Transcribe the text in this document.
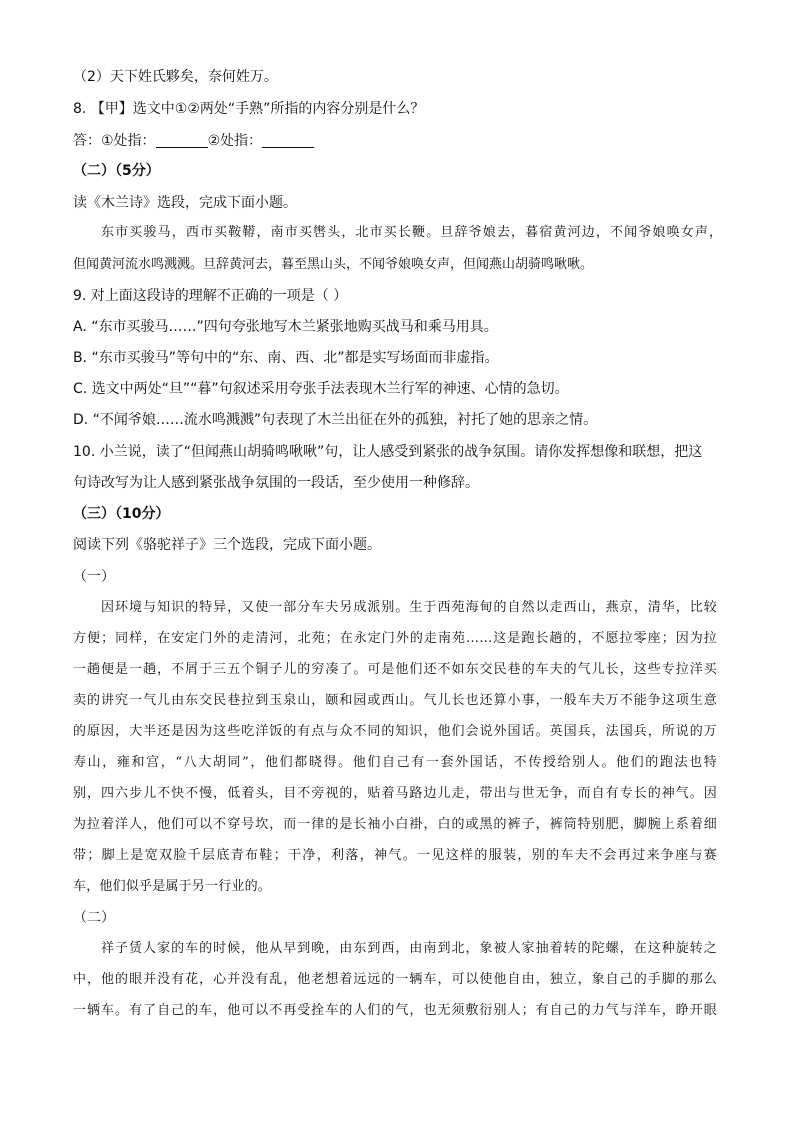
（2）天下姓氏夥矣，奈何姓万。
8. 【甲】选文中①②两处“手熟”所指的内容分别是什么？
答：①处指：	②处指：
（二）（5分）
读《木兰诗》选段，完成下面小题。
东市买骏马，西市买鞍鞯，南市买辔头，北市买长鞭。旦辞爷娘去，暮宿黄河边，不闻爷娘唤女声，
但闻黄河流水鸣溅溅。旦辞黄河去，暮至黑山头，不闻爷娘唤女声，但闻燕山胡骑鸣啾啾。
9. 对上面这段诗的理解不正确的一项是（ ）
A. “东市买骏马……”四句夸张地写木兰紧张地购买战马和乘马用具。
B. “东市买骏马”等句中的“东、南、西、北”都是实写场面而非虚指。
C. 选文中两处“旦”“暮”句叙述采用夸张手法表现木兰行军的神速、心情的急切。
D. “不闻爷娘……流水鸣溅溅”句表现了木兰出征在外的孤独，衬托了她的思亲之情。
10. 小兰说，读了“但闻燕山胡骑鸣啾啾”句，让人感受到紧张的战争氛围。请你发挥想像和联想，把这
句诗改写为让人感到紧张战争氛围的一段话，至少使用一种修辞。
（三）（10分）
阅读下列《骆驼祥子》三个选段，完成下面小题。
（一）
因环境与知识的特异，又使一部分车夫另成派别。生于西苑海甸的自然以走西山，燕京，清华，比较
方便；同样，在安定门外的走清河，北苑；在永定门外的走南苑……这是跑长趟的，不愿拉零座；因为拉
一趟便是一趟，不屑于三五个铜子儿的穷凑了。可是他们还不如东交民巷的车夫的气儿长，这些专拉洋买
卖的讲究一气儿由东交民巷拉到玉泉山，颐和园或西山。气儿长也还算小事，一般车夫万不能争这项生意
的原因，大半还是因为这些吃洋饭的有点与众不同的知识，他们会说外国话。英国兵，法国兵，所说的万
寿山，雍和宫，“八大胡同”，他们都晓得。他们自己有一套外国话，不传授给别人。他们的跑法也特
别，四六步儿不快不慢，低着头，目不旁视的，贴着马路边儿走，带出与世无争，而自有专长的神气。因
为拉着洋人，他们可以不穿号坎，而一律的是长袖小白褂，白的或黑的裤子，裤筒特别肥，脚腕上系着细
带；脚上是宽双脸千层底青布鞋；干净，利落，神气。一见这样的服装，别的车夫不会再过来争座与赛
车，他们似乎是属于另一行业的。
（二）
祥子赁人家的车的时候，他从早到晚，由东到西，由南到北，象被人家抽着转的陀螺，在这种旋转之
中，他的眼并没有花，心并没有乱，他老想着远远的一辆车，可以使他自由，独立，象自己的手脚的那么
一辆车。有了自己的车，他可以不再受拴车的人们的气，也无须敷衍别人；有自己的力气与洋车，睁开眼
